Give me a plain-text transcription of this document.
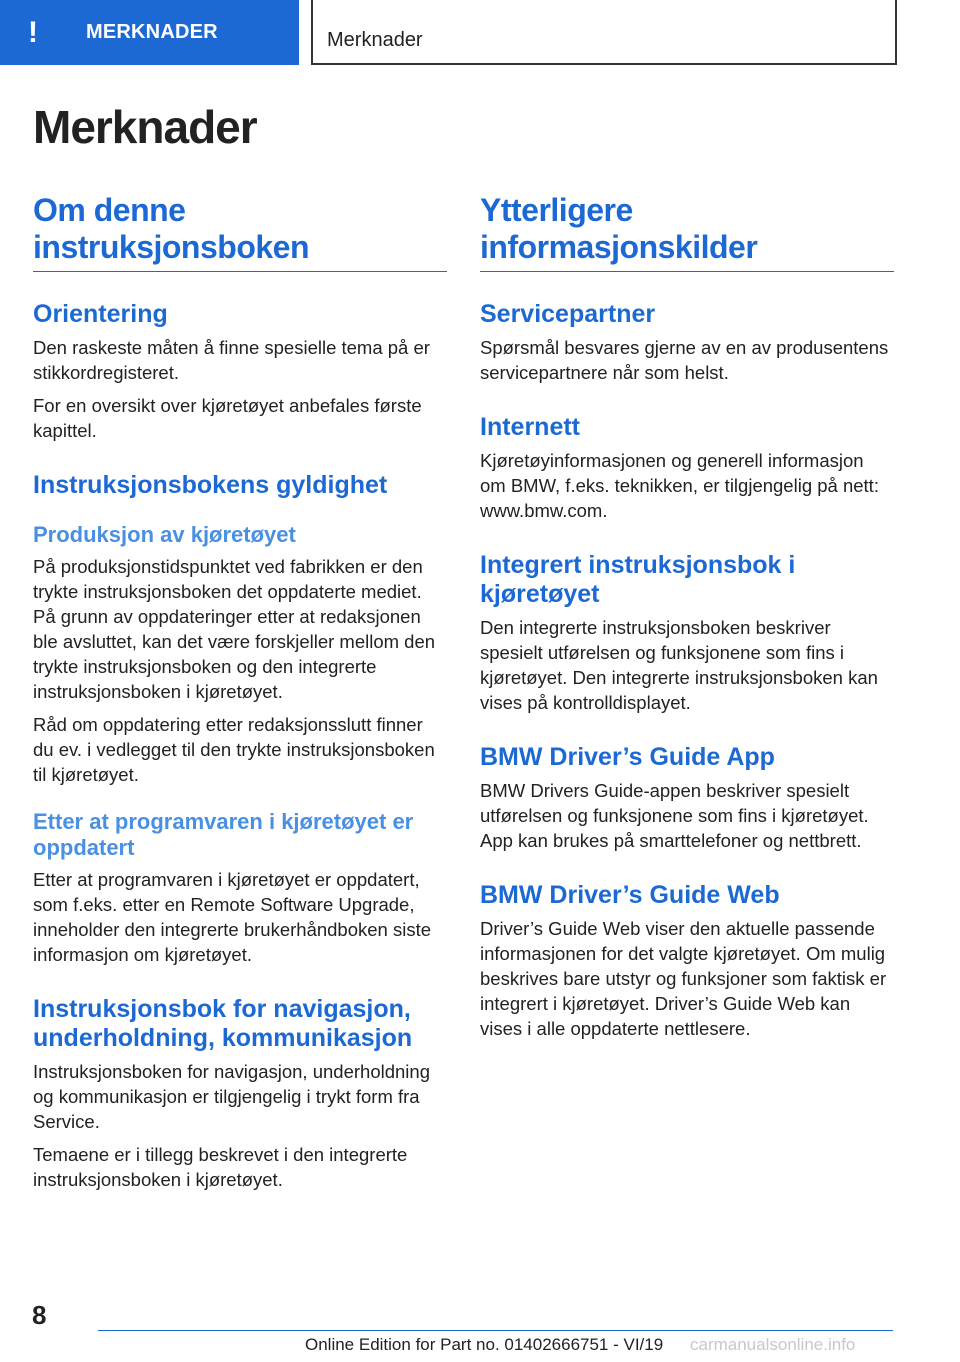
!	MERKNADER	Merknader
Merknader
Om denne instruksjonsboken
Orientering

Den raskeste måten å finne spesielle tema på er stikkordregisteret.

For en oversikt over kjøretøyet anbefales første kapittel.

Instruksjonsbokens gyldighet
Produksjon av kjøretøyet

På produksjonstidspunktet ved fabrikken er den trykte instruksjonsboken det oppdaterte mediet. På grunn av oppdateringer etter at redaksjonen ble avsluttet, kan det være forskjeller mellom den trykte instruksjonsboken og den integrerte instruksjonsboken i kjøretøyet.

Råd om oppdatering etter redaksjonsslutt finner du ev. i vedlegget til den trykte instruksjonsboken til kjøretøyet.

Etter at programvaren i kjøretøyet er oppdatert

Etter at programvaren i kjøretøyet er oppdatert, som f.eks. etter en Remote Software Upgrade, inneholder den integrerte brukerhåndboken siste informasjon om kjøretøyet.

Instruksjonsbok for navigasjon, underholdning, kommunikasjon

Instruksjonsboken for navigasjon, underholdning og kommunikasjon er tilgjengelig i trykt form fra Service.

Temaene er i tillegg beskrevet i den integrerte instruksjonsboken i kjøretøyet.

Ytterligere informasjonskilder
Servicepartner

Spørsmål besvares gjerne av en av produsentens servicepartnere når som helst.

Internett

Kjøretøyinformasjonen og generell informasjon om BMW, f.eks. teknikken, er tilgjengelig på nett: www.bmw.com.

Integrert instruksjonsbok i kjøretøyet

Den integrerte instruksjonsboken beskriver spesielt utførelsen og funksjonene som fins i kjøretøyet. Den integrerte instruksjonsboken kan vises på kontrolldisplayet.

BMW Driver’s Guide App

BMW Drivers Guide-appen beskriver spesielt utførelsen og funksjonene som fins i kjøretøyet. App kan brukes på smarttelefoner og nettbrett.

BMW Driver’s Guide Web

Driver’s Guide Web viser den aktuelle passende informasjonen for det valgte kjøretøyet. Om mulig beskrives bare utstyr og funksjoner som faktisk er integrert i kjøretøyet. Driver’s Guide Web kan vises i alle oppdaterte nettlesere.

8
Online Edition for Part no. 01402666751 - VI/19 carmanualsonline.info
